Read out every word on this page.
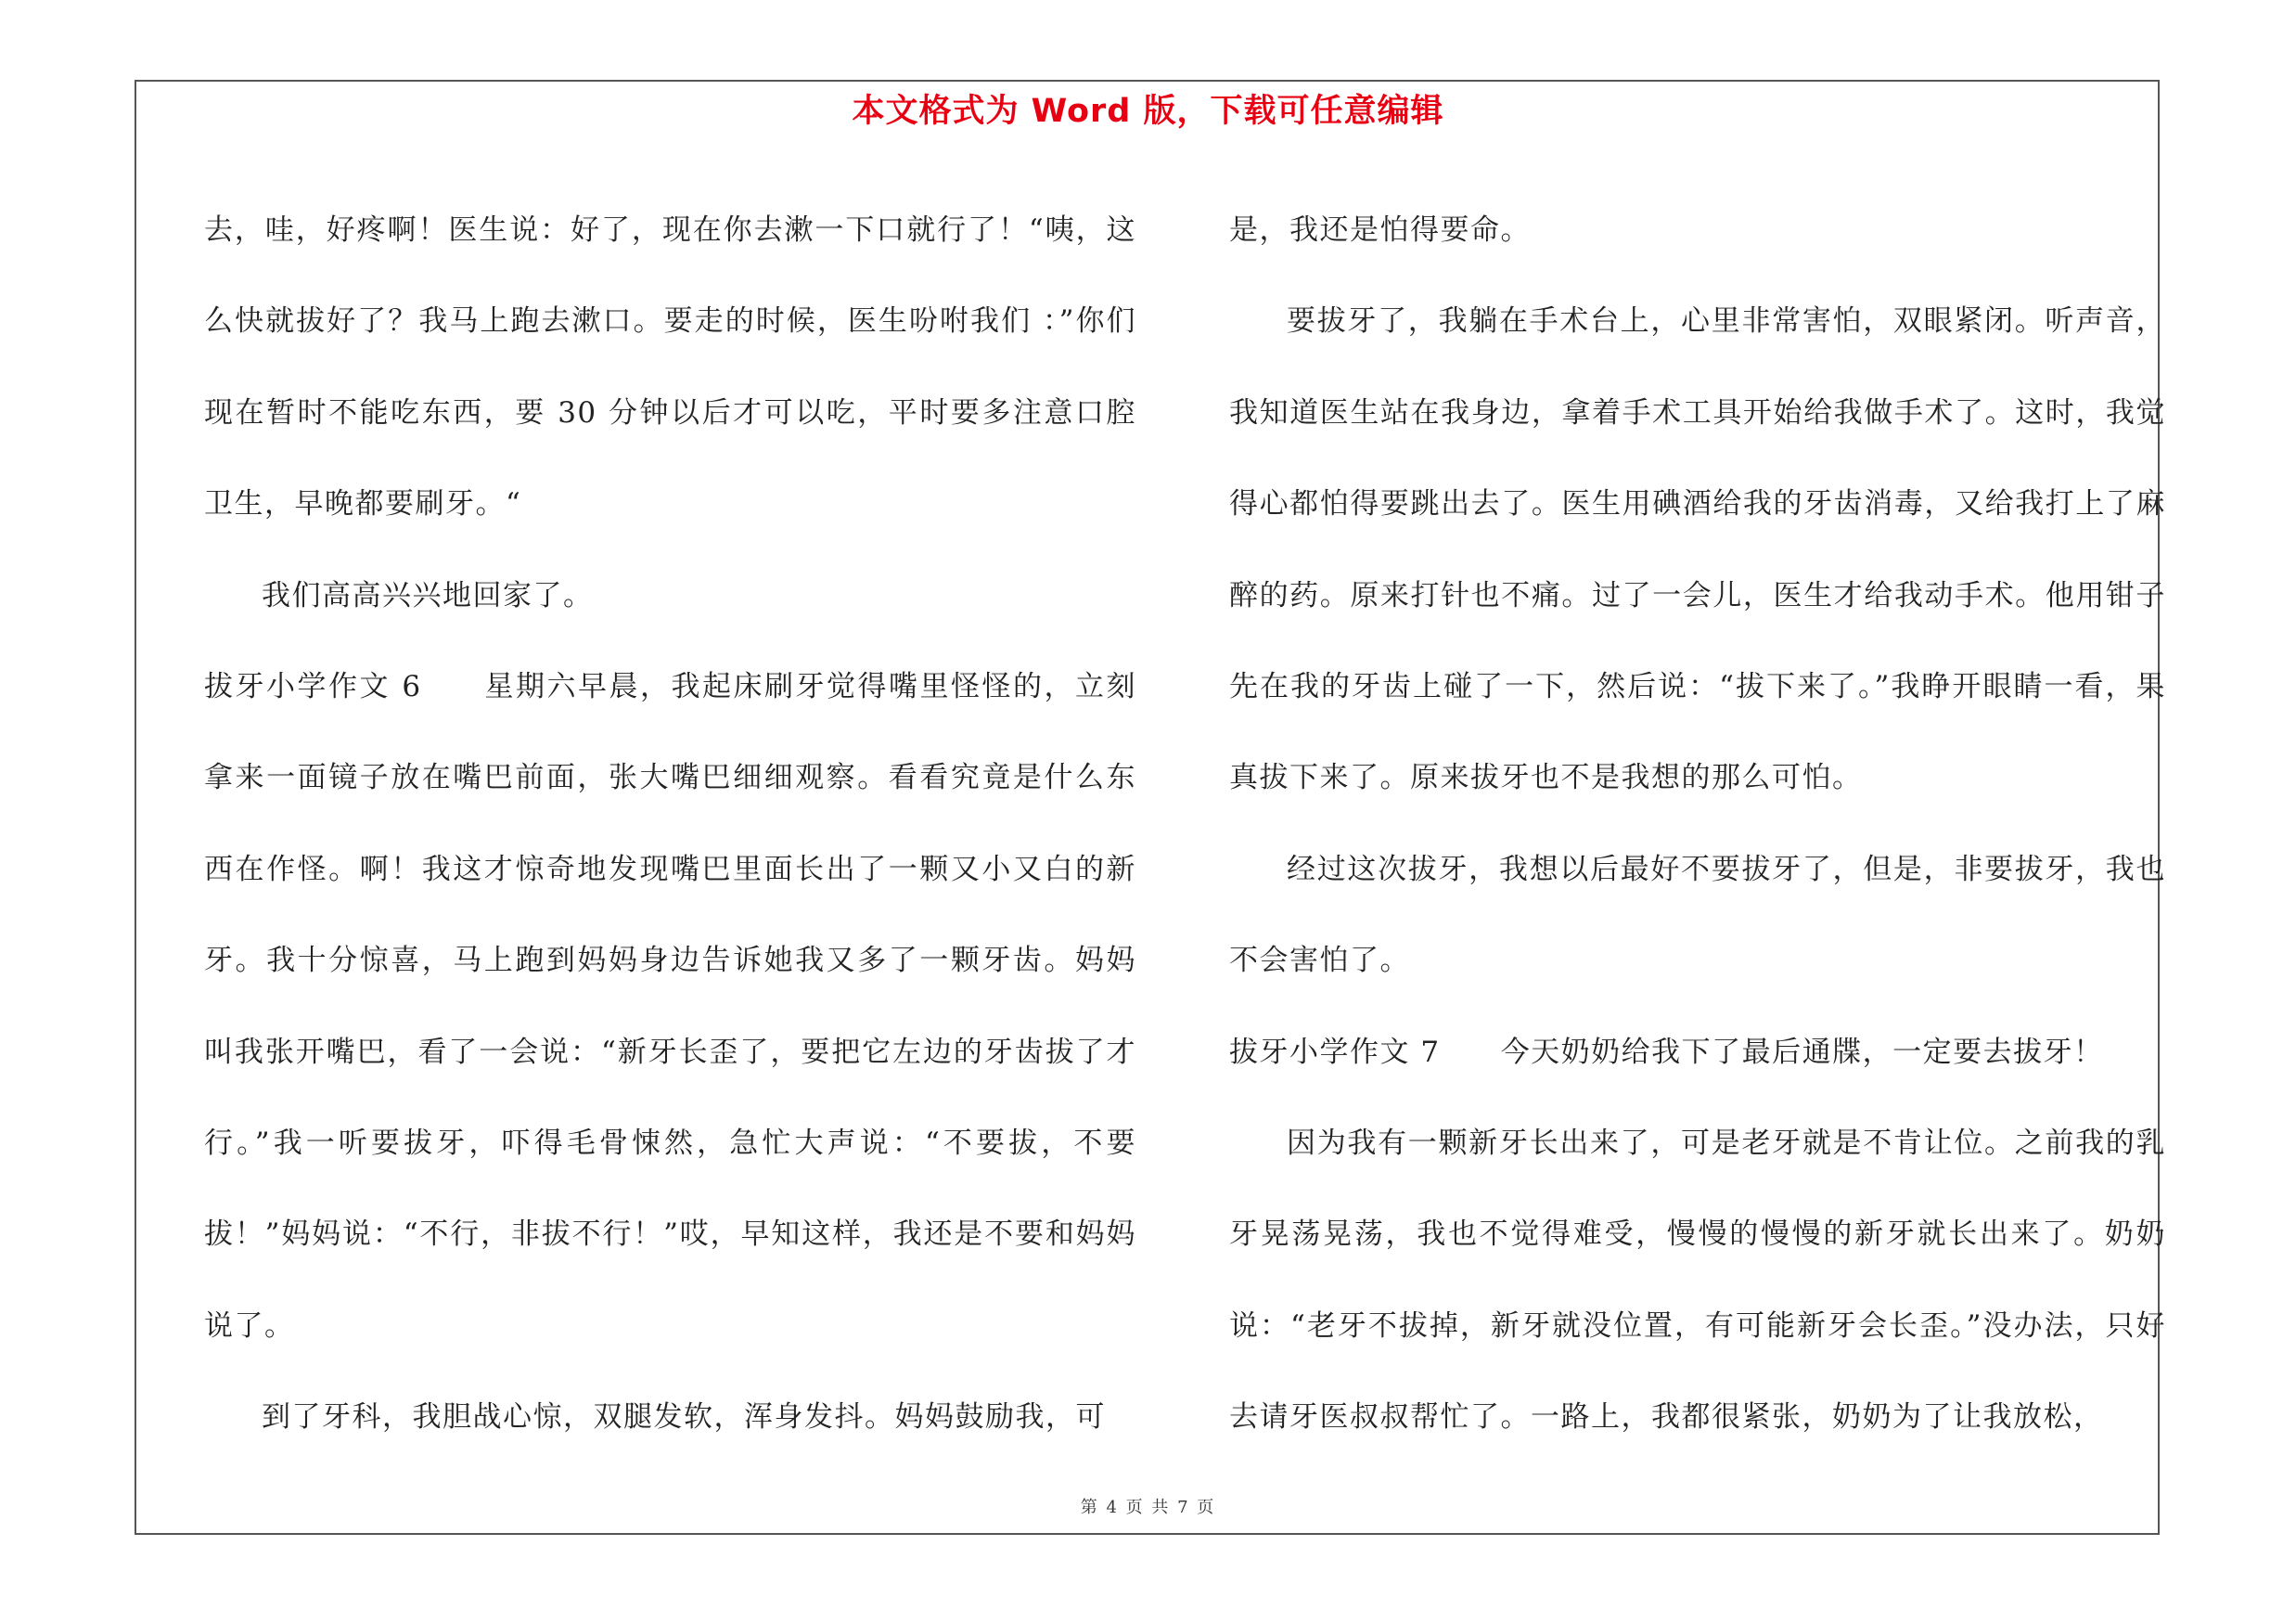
本文格式为 Word 版，下载可任意编辑

去，哇，好疼啊！医生说：好了，现在你去漱一下口就行了！“咦，这么快就拔好了？我马上跑去漱口。要走的时候，医生吩咐我们 ：”你们现在暂时不能吃东西，要 30 分钟以后才可以吃，平时要多注意口腔卫生，早晚都要刷牙。“

我们高高兴兴地回家了。

拔牙小学作文 6　　星期六早晨，我起床刷牙觉得嘴里怪怪的，立刻拿来一面镜子放在嘴巴前面，张大嘴巴细细观察。看看究竟是什么东西在作怪。啊！我这才惊奇地发现嘴巴里面长出了一颗又小又白的新牙。我十分惊喜，马上跑到妈妈身边告诉她我又多了一颗牙齿。妈妈叫我张开嘴巴，看了一会说：“新牙长歪了，要把它左边的牙齿拔了才行。”我一听要拔牙，吓得毛骨悚然，急忙大声说：“不要拔，不要拔！”妈妈说：“不行，非拔不行！”哎，早知这样，我还是不要和妈妈说了。

到了牙科，我胆战心惊，双腿发软，浑身发抖。妈妈鼓励我，可

是，我还是怕得要命。

要拔牙了，我躺在手术台上，心里非常害怕，双眼紧闭。听声音，我知道医生站在我身边，拿着手术工具开始给我做手术了。这时，我觉得心都怕得要跳出去了。医生用碘酒给我的牙齿消毒，又给我打上了麻醉的药。原来打针也不痛。过了一会儿，医生才给我动手术。他用钳子先在我的牙齿上碰了一下，然后说：“拔下来了。”我睁开眼睛一看，果真拔下来了。原来拔牙也不是我想的那么可怕。

经过这次拔牙，我想以后最好不要拔牙了，但是，非要拔牙，我也不会害怕了。

拔牙小学作文 7　　今天奶奶给我下了最后通牒，一定要去拔牙！

因为我有一颗新牙长出来了，可是老牙就是不肯让位。之前我的乳牙晃荡晃荡，我也不觉得难受，慢慢的慢慢的新牙就长出来了。奶奶说：“老牙不拔掉，新牙就没位置，有可能新牙会长歪。”没办法，只好去请牙医叔叔帮忙了。一路上，我都很紧张，奶奶为了让我放松，

第 4 页 共 7 页
